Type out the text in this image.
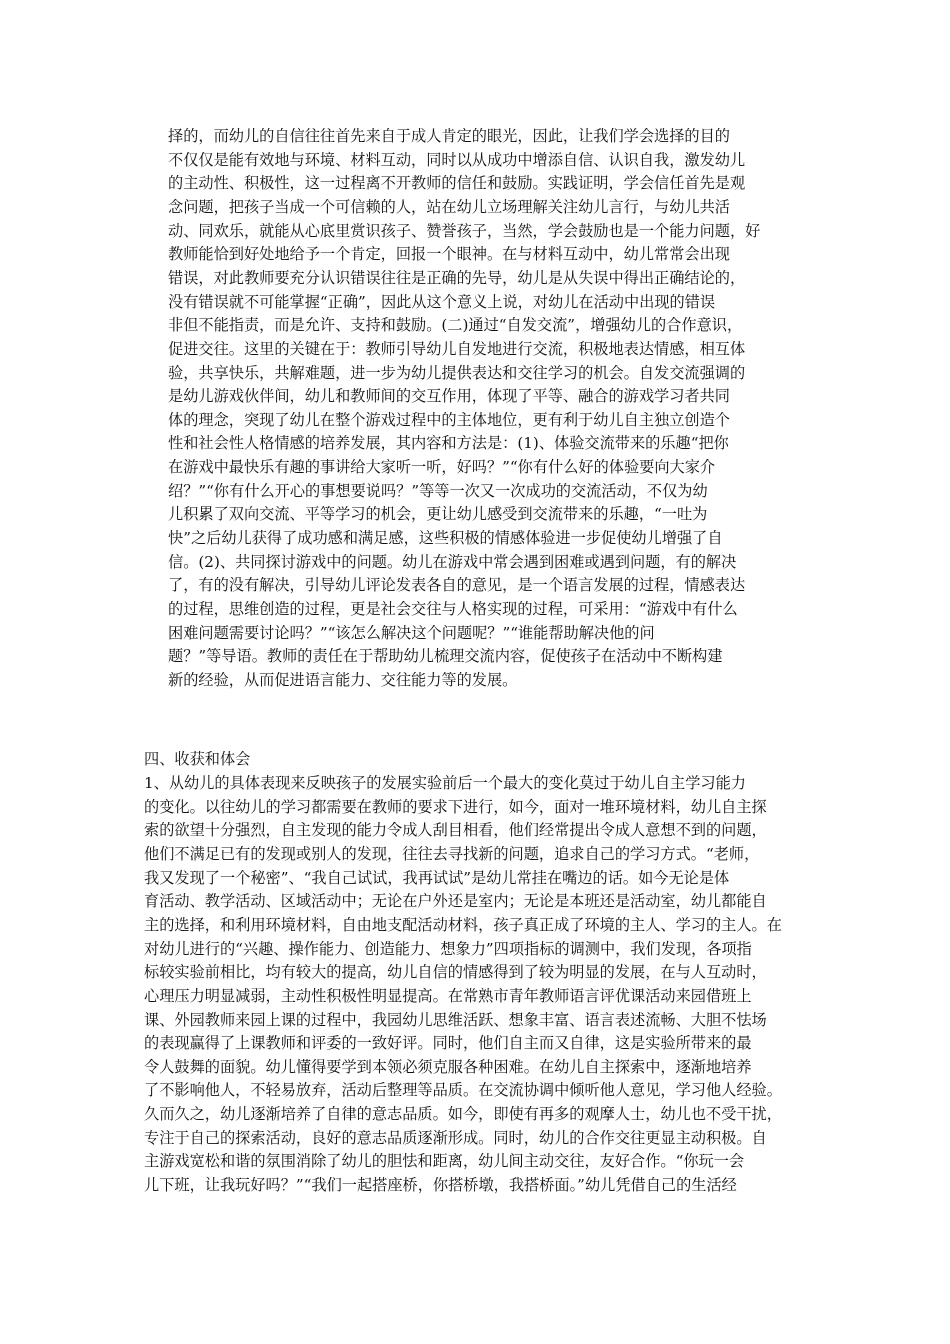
择的，而幼儿的自信往往首先来自于成人肯定的眼光，因此，让我们学会选择的目的
不仅仅是能有效地与环境、材料互动，同时以从成功中增添自信、认识自我，激发幼儿
的主动性、积极性，这一过程离不开教师的信任和鼓励。实践证明，学会信任首先是观
念问题，把孩子当成一个可信赖的人，站在幼儿立场理解关注幼儿言行，与幼儿共活
动、同欢乐，就能从心底里赏识孩子、赞誉孩子，当然，学会鼓励也是一个能力问题，好
教师能恰到好处地给予一个肯定，回报一个眼神。在与材料互动中，幼儿常常会出现
错误，对此教师要充分认识错误往往是正确的先导，幼儿是从失误中得出正确结论的，
没有错误就不可能掌握“正确”，因此从这个意义上说，对幼儿在活动中出现的错误
非但不能指责，而是允许、支持和鼓励。(二)通过“自发交流”，增强幼儿的合作意识，
促进交往。这里的关键在于：教师引导幼儿自发地进行交流，积极地表达情感，相互体
验，共享快乐，共解难题，进一步为幼儿提供表达和交往学习的机会。自发交流强调的
是幼儿游戏伙伴间，幼儿和教师间的交互作用，体现了平等、融合的游戏学习者共同
体的理念，突现了幼儿在整个游戏过程中的主体地位，更有利于幼儿自主独立创造个
性和社会性人格情感的培养发展，其内容和方法是：(1)、体验交流带来的乐趣“把你
在游戏中最快乐有趣的事讲给大家听一听，好吗？”“你有什么好的体验要向大家介
绍？”“你有什么开心的事想要说吗？”等等一次又一次成功的交流活动，不仅为幼
儿积累了双向交流、平等学习的机会，更让幼儿感受到交流带来的乐趣，“一吐为
快”之后幼儿获得了成功感和满足感，这些积极的情感体验进一步促使幼儿增强了自
信。(2)、共同探讨游戏中的问题。幼儿在游戏中常会遇到困难或遇到问题，有的解决
了，有的没有解决，引导幼儿评论发表各自的意见，是一个语言发展的过程，情感表达
的过程，思维创造的过程，更是社会交往与人格实现的过程，可采用：“游戏中有什么
困难问题需要讨论吗？”“该怎么解决这个问题呢？”“谁能帮助解决他的问
题？”等导语。教师的责任在于帮助幼儿梳理交流内容，促使孩子在活动中不断构建
新的经验，从而促进语言能力、交往能力等的发展。
四、收获和体会
1、从幼儿的具体表现来反映孩子的发展实验前后一个最大的变化莫过于幼儿自主学习能力
的变化。以往幼儿的学习都需要在教师的要求下进行，如今，面对一堆环境材料，幼儿自主探
索的欲望十分强烈，自主发现的能力令成人刮目相看，他们经常提出令成人意想不到的问题，
他们不满足已有的发现或别人的发现，往往去寻找新的问题，追求自己的学习方式。“老师，
我又发现了一个秘密”、“我自己试试，我再试试”是幼儿常挂在嘴边的话。如今无论是体
育活动、教学活动、区域活动中；无论在户外还是室内；无论是本班还是活动室，幼儿都能自
主的选择，和利用环境材料，自由地支配活动材料，孩子真正成了环境的主人、学习的主人。在
对幼儿进行的“兴趣、操作能力、创造能力、想象力”四项指标的调测中，我们发现，各项指
标较实验前相比，均有较大的提高，幼儿自信的情感得到了较为明显的发展，在与人互动时，
心理压力明显减弱，主动性积极性明显提高。在常熟市青年教师语言评优课活动来园借班上
课、外园教师来园上课的过程中，我园幼儿思维活跃、想象丰富、语言表述流畅、大胆不怯场
的表现赢得了上课教师和评委的一致好评。同时，他们自主而又自律，这是实验所带来的最
令人鼓舞的面貌。幼儿懂得要学到本领必须克服各种困难。在幼儿自主探索中，逐渐地培养
了不影响他人，不轻易放弃，活动后整理等品质。在交流协调中倾听他人意见，学习他人经验。
久而久之，幼儿逐渐培养了自律的意志品质。如今，即使有再多的观摩人士，幼儿也不受干扰，
专注于自己的探索活动，良好的意志品质逐渐形成。同时，幼儿的合作交往更显主动积极。自
主游戏宽松和谐的氛围消除了幼儿的胆怯和距离，幼儿间主动交往，友好合作。“你玩一会
儿下班，让我玩好吗？”“我们一起搭座桥，你搭桥墩，我搭桥面。”幼儿凭借自己的生活经
